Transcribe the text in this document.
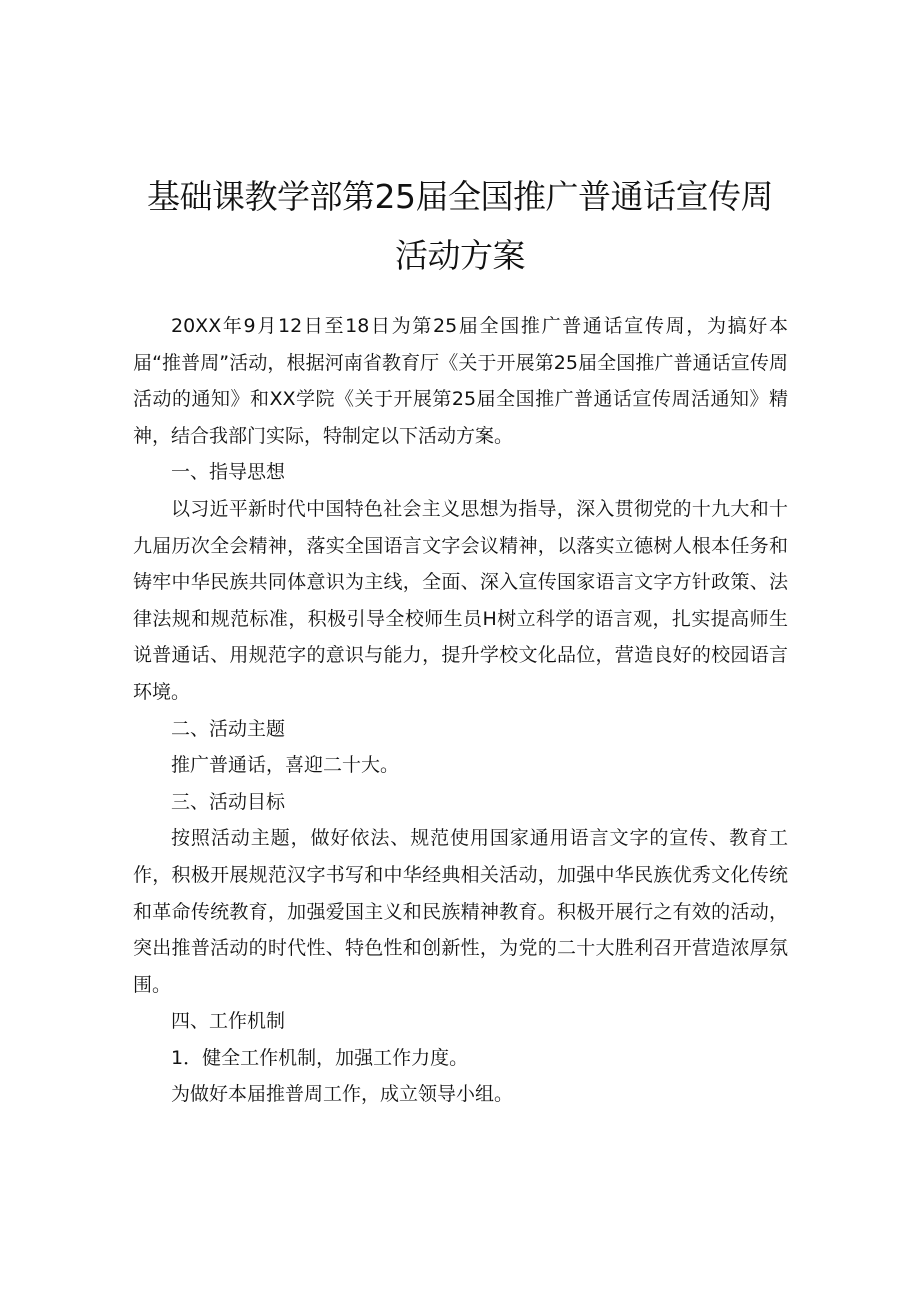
基础课教学部第25届全国推广普通话宣传周
活动方案

20XX年9月12日至18日为第25届全国推广普通话宣传周，为搞好本届“推普周”活动，根据河南省教育厅《关于开展第25届全国推广普通话宣传周活动的通知》和XX学院《关于开展第25届全国推广普通话宣传周活通知》精神，结合我部门实际，特制定以下活动方案。

一、指导思想

以习近平新时代中国特色社会主义思想为指导，深入贯彻党的十九大和十九届历次全会精神，落实全国语言文字会议精神，以落实立德树人根本任务和铸牢中华民族共同体意识为主线，全面、深入宣传国家语言文字方针政策、法律法规和规范标准，积极引导全校师生员H树立科学的语言观，扎实提高师生说普通话、用规范字的意识与能力，提升学校文化品位，营造良好的校园语言环境。

二、活动主题

推广普通话，喜迎二十大。

三、活动目标

按照活动主题，做好依法、规范使用国家通用语言文字的宣传、教育工作，积极开展规范汉字书写和中华经典相关活动，加强中华民族优秀文化传统和革命传统教育，加强爱国主义和民族精神教育。积极开展行之有效的活动，突出推普活动的时代性、特色性和创新性，为党的二十大胜利召开营造浓厚氛围。

四、工作机制

1．健全工作机制，加强工作力度。

为做好本届推普周工作，成立领导小组。
